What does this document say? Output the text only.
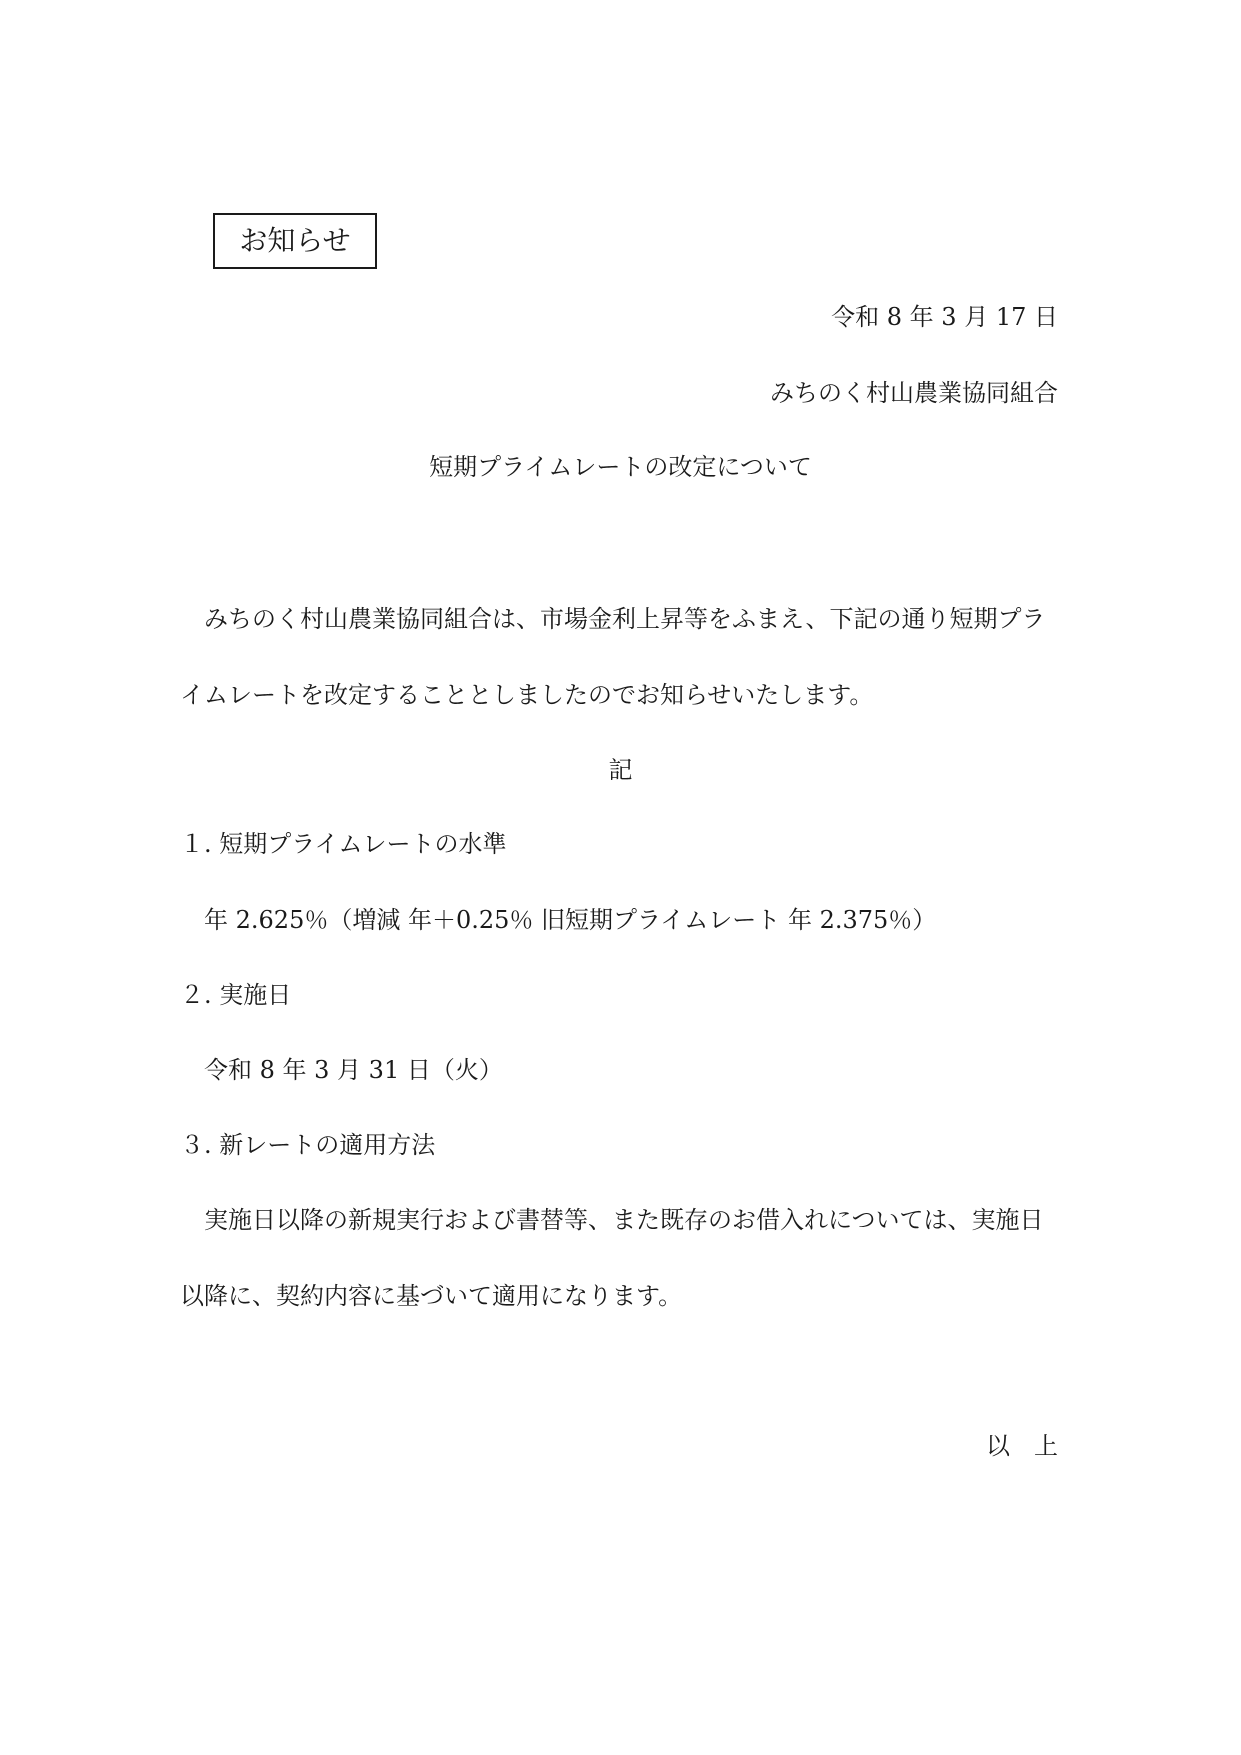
お知らせ
令和 8 年 3 月 17 日
みちのく村山農業協同組合
短期プライムレートの改定について
　みちのく村山農業協同組合は、市場金利上昇等をふまえ、下記の通り短期プラ
イムレートを改定することとしましたのでお知らせいたします。
記
１. 短期プライムレートの水準
　年 2.625％（増減 年＋0.25％ 旧短期プライムレート 年 2.375％）
２. 実施日
　令和 8 年 3 月 31 日（火）
３. 新レートの適用方法
　実施日以降の新規実行および書替等、また既存のお借入れについては、実施日
以降に、契約内容に基づいて適用になります。
以　上
